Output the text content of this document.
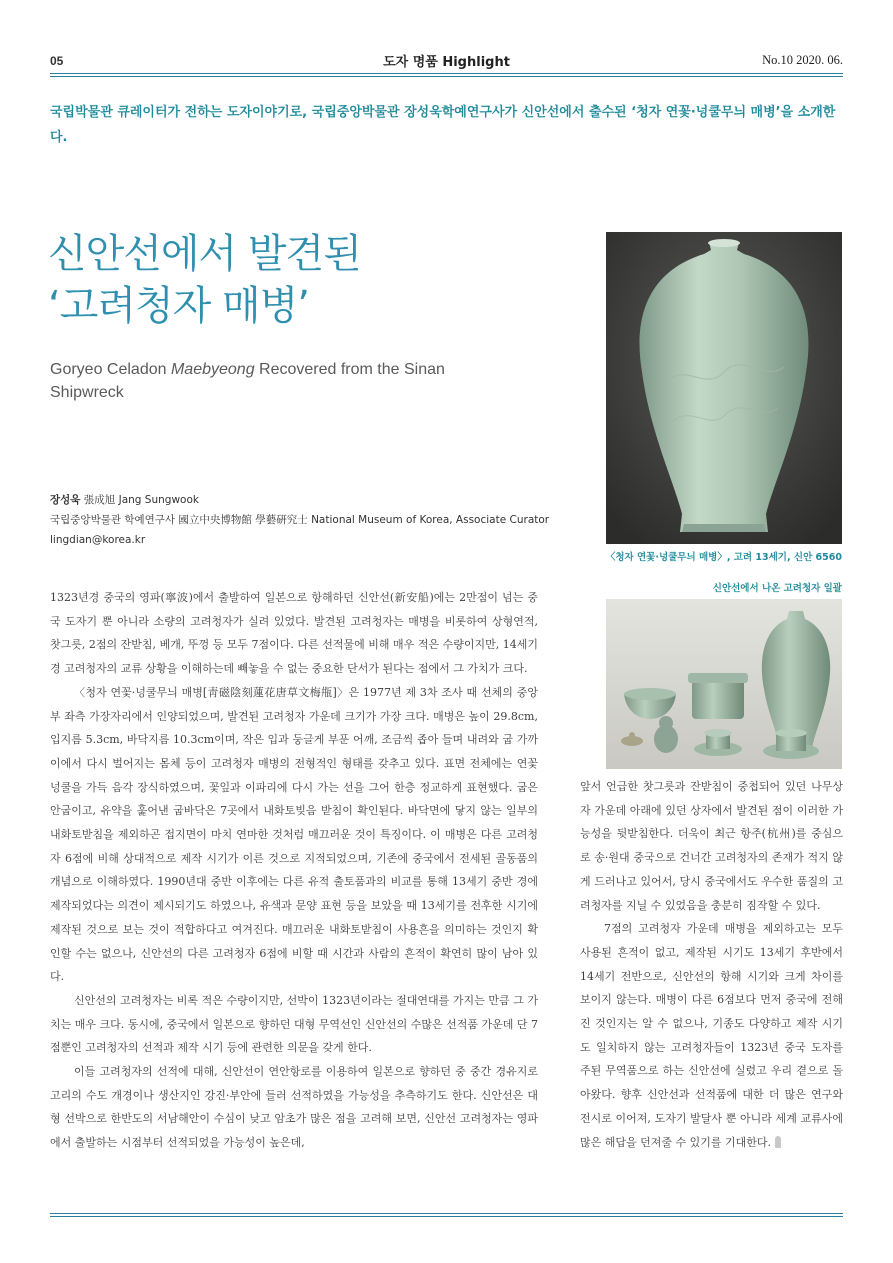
05	도자 명품 Highlight	No.10 2020. 06.
국립박물관 큐레이터가 전하는 도자이야기로, 국립중앙박물관 장성욱학예연구사가 신안선에서 출수된 ‘청자 연꽃·넝쿨무늬 매병’을 소개한다.
신안선에서 발견된
‘고려청자 매병’
Goryeo Celadon Maebyeong Recovered from the Sinan Shipwreck
장성욱 張成旭 Jang Sungwook
국립중앙박물관 학예연구사 國立中央博物館 學藝硏究士 National Museum of Korea, Associate Curator
lingdian@korea.kr
〈청자 연꽃·넝쿨무늬 매병〉, 고려 13세기, 신안 6560
신안선에서 나온 고려청자 일괄

1323년경 중국의 영파(寧波)에서 출발하여 일본으로 항해하던 신안선(新安船)에는 2만점이 넘는 중국 도자기 뿐 아니라 소량의 고려청자가 실려 있었다. 발견된 고려청자는 매병을 비롯하여 상형연적, 찻그릇, 2점의 잔받침, 베개, 뚜껑 등 모두 7점이다. 다른 선적물에 비해 매우 적은 수량이지만, 14세기경 고려청자의 교류 상황을 이해하는데 빼놓을 수 없는 중요한 단서가 된다는 점에서 그 가치가 크다.

〈청자 연꽃·넝쿨무늬 매병[靑磁陰刻蓮花唐草文梅甁]〉은 1977년 제 3차 조사 때 선체의 중앙부 좌측 가장자리에서 인양되었으며, 발견된 고려청자 가운데 크기가 가장 크다. 매병은 높이 29.8cm, 입지름 5.3cm, 바닥지름 10.3cm이며, 작은 입과 둥글게 부푼 어깨, 조금씩 좁아 들며 내려와 굽 가까이에서 다시 벌어지는 몸체 등이 고려청자 매병의 전형적인 형태를 갖추고 있다. 표면 전체에는 연꽃 넝쿨을 가득 음각 장식하였으며, 꽃잎과 이파리에 다시 가는 선을 그어 한층 정교하게 표현했다. 굽은 안굽이고, 유약을 훑어낸 굽바닥은 7곳에서 내화토빚음 받침이 확인된다. 바닥면에 닿지 않는 일부의 내화토받침을 제외하곤 접지면이 마치 연마한 것처럼 매끄러운 것이 특징이다. 이 매병은 다른 고려청자 6점에 비해 상대적으로 제작 시기가 이른 것으로 지적되었으며, 기존에 중국에서 전세된 골동품의 개념으로 이해하였다. 1990년대 중반 이후에는 다른 유적 출토품과의 비교를 통해 13세기 중반 경에 제작되었다는 의견이 제시되기도 하였으나, 유색과 문양 표현 등을 보았을 때 13세기를 전후한 시기에 제작된 것으로 보는 것이 적합하다고 여겨진다. 매끄러운 내화토받침이 사용흔을 의미하는 것인지 확인할 수는 없으나, 신안선의 다른 고려청자 6점에 비할 때 시간과 사람의 흔적이 확연히 많이 남아 있다.

신안선의 고려청자는 비록 적은 수량이지만, 선박이 1323년이라는 절대연대를 가지는 만큼 그 가치는 매우 크다. 동시에, 중국에서 일본으로 향하던 대형 무역선인 신안선의 수많은 선적품 가운데 단 7점뿐인 고려청자의 선적과 제작 시기 등에 관련한 의문을 갖게 한다.

이들 고려청자의 선적에 대해, 신안선이 연안항로를 이용하여 일본으로 향하던 중 중간 경유지로 고리의 수도 개경이나 생산지인 강진·부안에 들러 선적하였을 가능성을 추측하기도 한다. 신안선은 대형 선박으로 한반도의 서남해안이 수심이 낮고 암초가 많은 점을 고려해 보면, 신안선 고려청자는 영파에서 출발하는 시점부터 선적되었을 가능성이 높은데,

앞서 언급한 찻그릇과 잔받침이 중첩되어 있던 나무상자 가운데 아래에 있던 상자에서 발견된 점이 이러한 가능성을 뒷받침한다. 더욱이 최근 항주(杭州)를 중심으로 송·원대 중국으로 건너간 고려청자의 존재가 적지 않게 드러나고 있어서, 당시 중국에서도 우수한 품질의 고려청자를 지닐 수 있었음을 충분히 짐작할 수 있다.

7점의 고려청자 가운데 매병을 제외하고는 모두 사용된 흔적이 없고, 제작된 시기도 13세기 후반에서 14세기 전반으로, 신안선의 항해 시기와 크게 차이를 보이지 않는다. 매병이 다른 6점보다 먼저 중국에 전해진 것인지는 알 수 없으나, 기종도 다양하고 제작 시기도 일치하지 않는 고려청자들이 1323년 중국 도자를 주된 무역품으로 하는 신안선에 실렸고 우리 곁으로 돌아왔다. 향후 신안선과 선적품에 대한 더 많은 연구와 전시로 이어져, 도자기 발달사 뿐 아니라 세계 교류사에 많은 해답을 던져줄 수 있기를 기대한다.
